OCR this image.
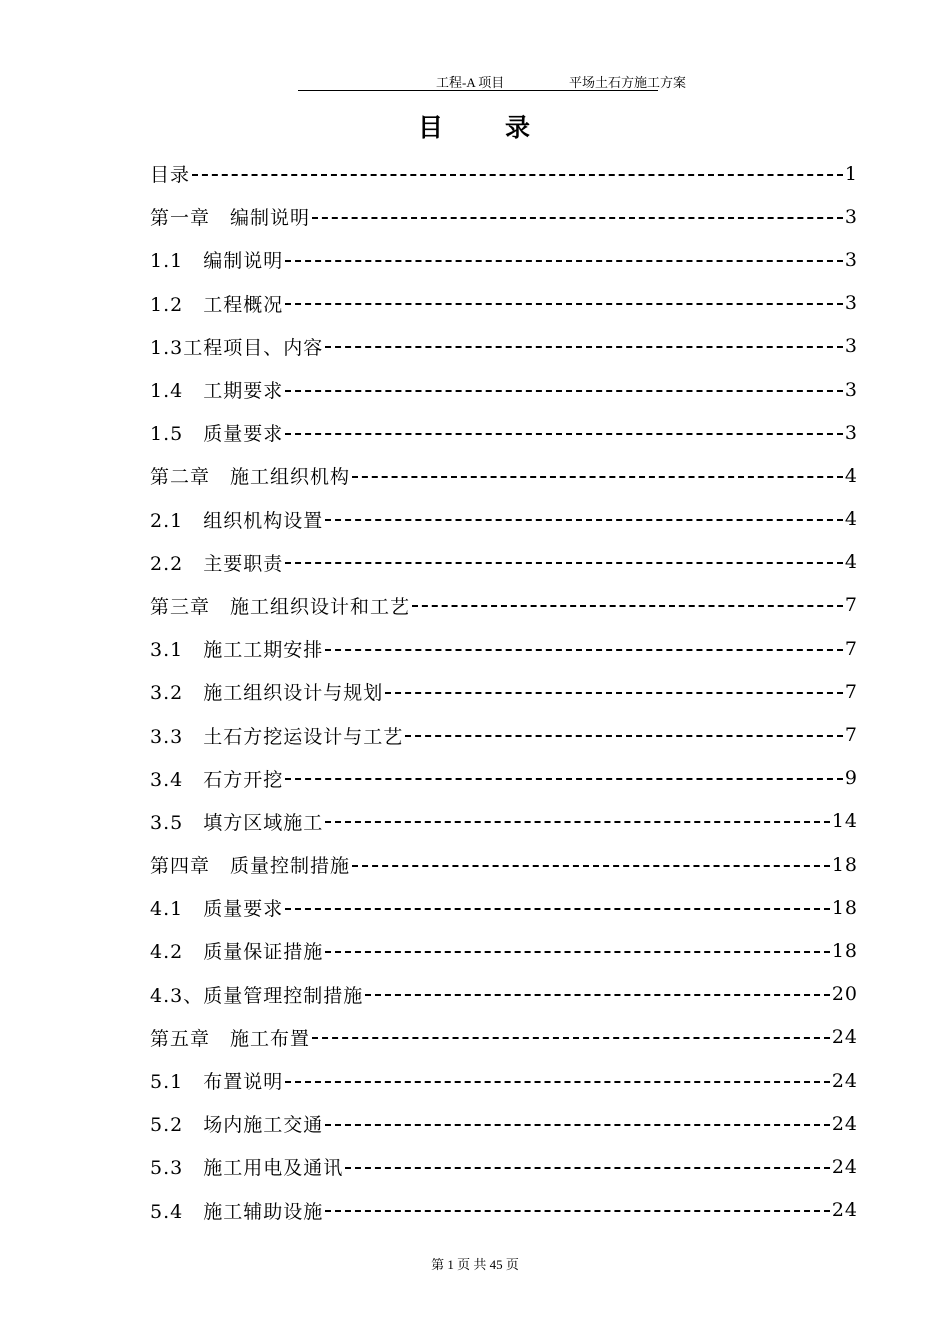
工程-A 项目	平场土石方施工方案
目录
目录	1
第一章　编制说明	3
1.1　编制说明	3
1.2　工程概况	3
1.3工程项目、内容	3
1.4　工期要求	3
1.5　质量要求	3
第二章　施工组织机构	4
2.1　组织机构设置	4
2.2　主要职责	4
第三章　施工组织设计和工艺	7
3.1　施工工期安排	7
3.2　施工组织设计与规划	7
3.3　土石方挖运设计与工艺	7
3.4　石方开挖	9
3.5　填方区域施工	14
第四章　质量控制措施	18
4.1　质量要求	18
4.2　质量保证措施	18
4.3、质量管理控制措施	20
第五章　施工布置	24
5.1　布置说明	24
5.2　场内施工交通	24
5.3　施工用电及通讯	24
5.4　施工辅助设施	24
第 1 页 共 45 页
